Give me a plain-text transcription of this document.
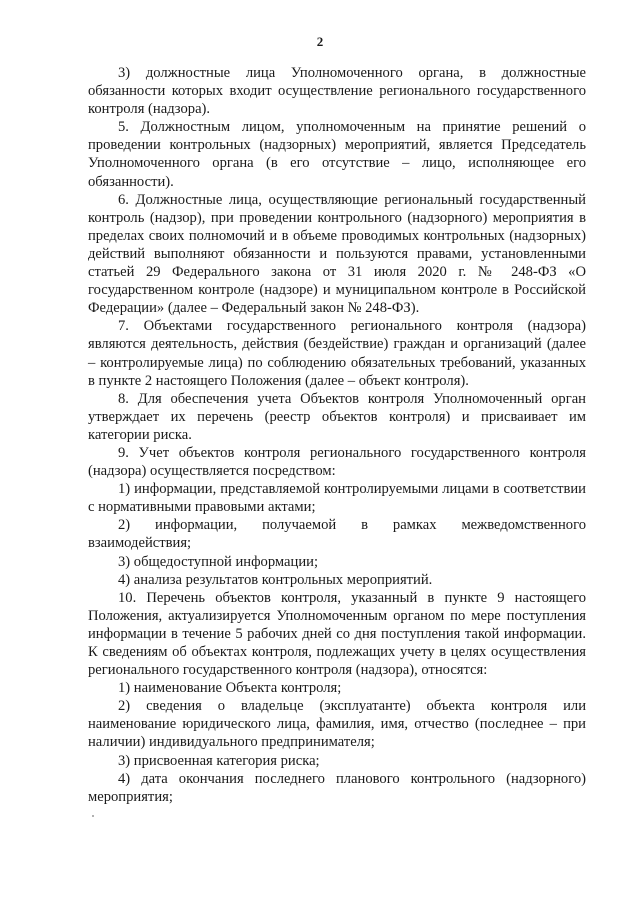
2

3) должностные лица Уполномоченного органа, в должностные обязанности которых входит осуществление регионального государственного контроля (надзора).

5. Должностным лицом, уполномоченным на принятие решений о проведении контрольных (надзорных) мероприятий, является Председатель Уполномоченного органа (в его отсутствие – лицо, исполняющее его обязанности).

6. Должностные лица, осуществляющие региональный государственный контроль (надзор), при проведении контрольного (надзорного) мероприятия в пределах своих полномочий и в объеме проводимых контрольных (надзорных) действий выполняют обязанности и пользуются правами, установленными статьей 29 Федерального закона от 31 июля 2020 г. № 248-ФЗ «О государственном контроле (надзоре) и муниципальном контроле в Российской Федерации» (далее – Федеральный закон № 248-ФЗ).

7. Объектами государственного регионального контроля (надзора) являются деятельность, действия (бездействие) граждан и организаций (далее – контролируемые лица) по соблюдению обязательных требований, указанных в пункте 2 настоящего Положения (далее – объект контроля).

8. Для обеспечения учета Объектов контроля Уполномоченный орган утверждает их перечень (реестр объектов контроля) и присваивает им категории риска.

9. Учет объектов контроля регионального государственного контроля (надзора) осуществляется посредством:

1) информации, представляемой контролируемыми лицами в соответствии с нормативными правовыми актами;

2) информации, получаемой в рамках межведомственного взаимодействия;

3) общедоступной информации;

4) анализа результатов контрольных мероприятий.

10. Перечень объектов контроля, указанный в пункте 9 настоящего Положения, актуализируется Уполномоченным органом по мере поступления информации в течение 5 рабочих дней со дня поступления такой информации. К сведениям об объектах контроля, подлежащих учету в целях осуществления регионального государственного контроля (надзора), относятся:

1) наименование Объекта контроля;

2) сведения о владельце (эксплуатанте) объекта контроля или наименование юридического лица, фамилия, имя, отчество (последнее – при наличии) индивидуального предпринимателя;

3) присвоенная категория риска;

4) дата окончания последнего планового контрольного (надзорного) мероприятия;
